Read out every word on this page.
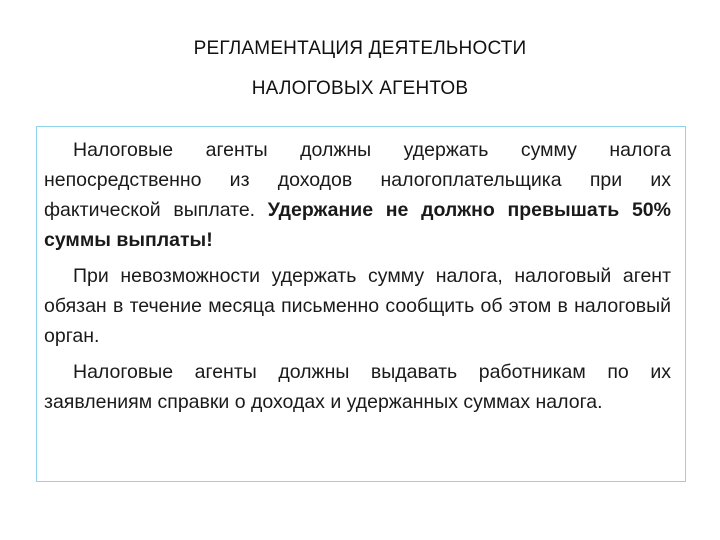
РЕГЛАМЕНТАЦИЯ ДЕЯТЕЛЬНОСТИ
НАЛОГОВЫХ АГЕНТОВ

Налоговые агенты должны удержать сумму налога непосредственно из доходов налогоплательщика при их фактической выплате. Удержание не должно превышать 50% суммы выплаты!

При невозможности удержать сумму налога, налоговый агент обязан в течение месяца письменно сообщить об этом в налоговый орган.

Налоговые агенты должны выдавать работникам по их заявлениям справки о доходах и удержанных суммах налога.
